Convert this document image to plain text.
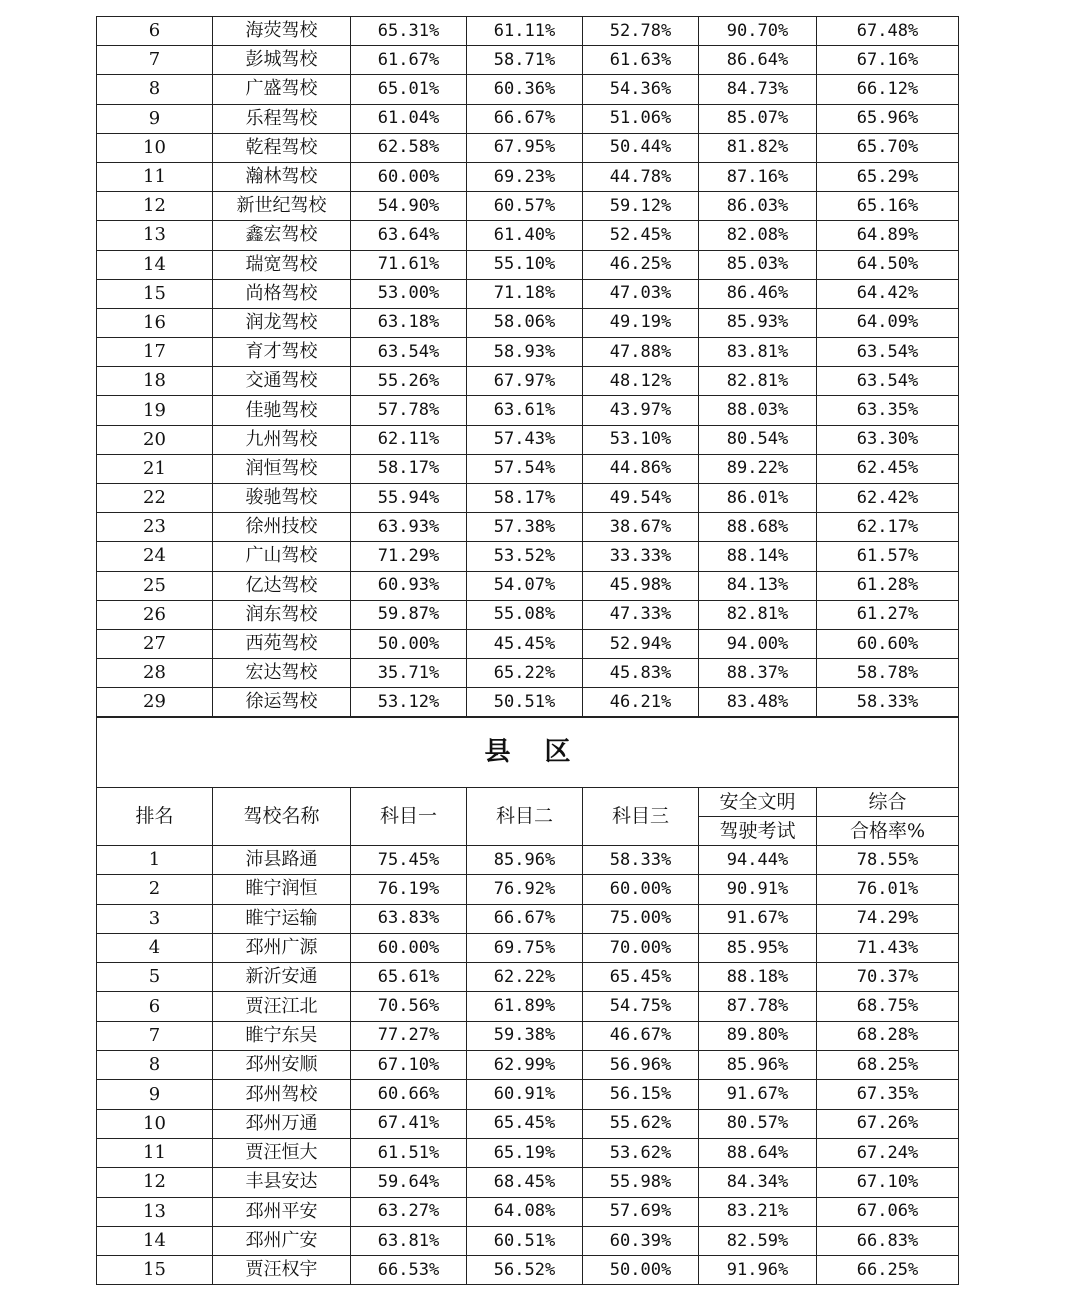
6	海荧驾校	65.31%	61.11%	52.78%	90.70%	67.48%
7	彭城驾校	61.67%	58.71%	61.63%	86.64%	67.16%
8	广盛驾校	65.01%	60.36%	54.36%	84.73%	66.12%
9	乐程驾校	61.04%	66.67%	51.06%	85.07%	65.96%
10	乾程驾校	62.58%	67.95%	50.44%	81.82%	65.70%
11	瀚林驾校	60.00%	69.23%	44.78%	87.16%	65.29%
12	新世纪驾校	54.90%	60.57%	59.12%	86.03%	65.16%
13	鑫宏驾校	63.64%	61.40%	52.45%	82.08%	64.89%
14	瑞宽驾校	71.61%	55.10%	46.25%	85.03%	64.50%
15	尚格驾校	53.00%	71.18%	47.03%	86.46%	64.42%
16	润龙驾校	63.18%	58.06%	49.19%	85.93%	64.09%
17	育才驾校	63.54%	58.93%	47.88%	83.81%	63.54%
18	交通驾校	55.26%	67.97%	48.12%	82.81%	63.54%
19	佳驰驾校	57.78%	63.61%	43.97%	88.03%	63.35%
20	九州驾校	62.11%	57.43%	53.10%	80.54%	63.30%
21	润恒驾校	58.17%	57.54%	44.86%	89.22%	62.45%
22	骏驰驾校	55.94%	58.17%	49.54%	86.01%	62.42%
23	徐州技校	63.93%	57.38%	38.67%	88.68%	62.17%
24	广山驾校	71.29%	53.52%	33.33%	88.14%	61.57%
25	亿达驾校	60.93%	54.07%	45.98%	84.13%	61.28%
26	润东驾校	59.87%	55.08%	47.33%	82.81%	61.27%
27	西苑驾校	50.00%	45.45%	52.94%	94.00%	60.60%
28	宏达驾校	35.71%	65.22%	45.83%	88.37%	58.78%
29	徐运驾校	53.12%	50.51%	46.21%	83.48%	58.33%
县区						
排名	驾校名称	科目一	科目二	科目三	安全文明	综合
					驾驶考试	合格率%
1	沛县路通	75.45%	85.96%	58.33%	94.44%	78.55%
2	睢宁润恒	76.19%	76.92%	60.00%	90.91%	76.01%
3	睢宁运输	63.83%	66.67%	75.00%	91.67%	74.29%
4	邳州广源	60.00%	69.75%	70.00%	85.95%	71.43%
5	新沂安通	65.61%	62.22%	65.45%	88.18%	70.37%
6	贾汪江北	70.56%	61.89%	54.75%	87.78%	68.75%
7	睢宁东吴	77.27%	59.38%	46.67%	89.80%	68.28%
8	邳州安顺	67.10%	62.99%	56.96%	85.96%	68.25%
9	邳州驾校	60.66%	60.91%	56.15%	91.67%	67.35%
10	邳州万通	67.41%	65.45%	55.62%	80.57%	67.26%
11	贾汪恒大	61.51%	65.19%	53.62%	88.64%	67.24%
12	丰县安达	59.64%	68.45%	55.98%	84.34%	67.10%
13	邳州平安	63.27%	64.08%	57.69%	83.21%	67.06%
14	邳州广安	63.81%	60.51%	60.39%	82.59%	66.83%
15	贾汪权宇	66.53%	56.52%	50.00%	91.96%	66.25%
